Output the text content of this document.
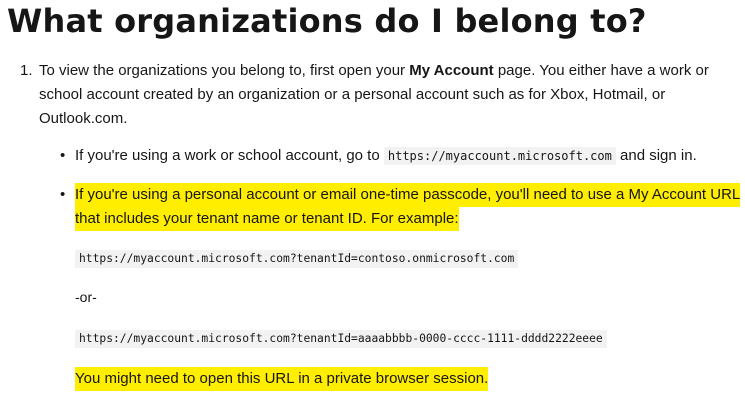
What organizations do I belong to?
1. To view the organizations you belong to, first open your My Account page. You either have a work or school account created by an organization or a personal account such as for Xbox, Hotmail, or Outlook.com.

• If you're using a work or school account, go to https://myaccount.microsoft.com and sign in.

• If you're using a personal account or email one-time passcode, you'll need to use a My Account URL
that includes your tenant name or tenant ID. For example:
https://myaccount.microsoft.com?tenantId=contoso.onmicrosoft.com
-or-
https://myaccount.microsoft.com?tenantId=aaaabbbb-0000-cccc-1111-dddd2222eeee
You might need to open this URL in a private browser session.
